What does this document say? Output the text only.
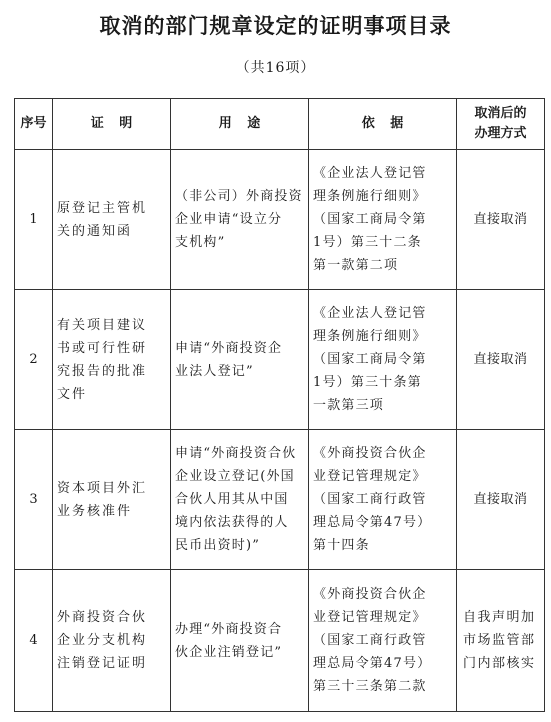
取消的部门规章设定的证明事项目录
（共16项）
序号	证明	用途	依据	取消后的
办理方式
1	原登记主管机
关的通知函	（非公司）外商投资
企业申请“设立分
支机构”	《企业法人登记管
理条例施行细则》
（国家工商局令第
1号）第三十二条
第一款第二项	直接取消
2	有关项目建议
书或可行性研
究报告的批准
文件	申请“外商投资企
业法人登记”	《企业法人登记管
理条例施行细则》
（国家工商局令第
1号）第三十条第
一款第三项	直接取消
3	资本项目外汇
业务核准件	申请“外商投资合伙
企业设立登记(外国
合伙人用其从中国
境内依法获得的人
民币出资时)”	《外商投资合伙企
业登记管理规定》
（国家工商行政管
理总局令第47号）
第十四条	直接取消
4	外商投资合伙
企业分支机构
注销登记证明	办理“外商投资合
伙企业注销登记”	《外商投资合伙企
业登记管理规定》
（国家工商行政管
理总局令第47号）
第三十三条第二款	自我声明加
市场监管部
门内部核实
